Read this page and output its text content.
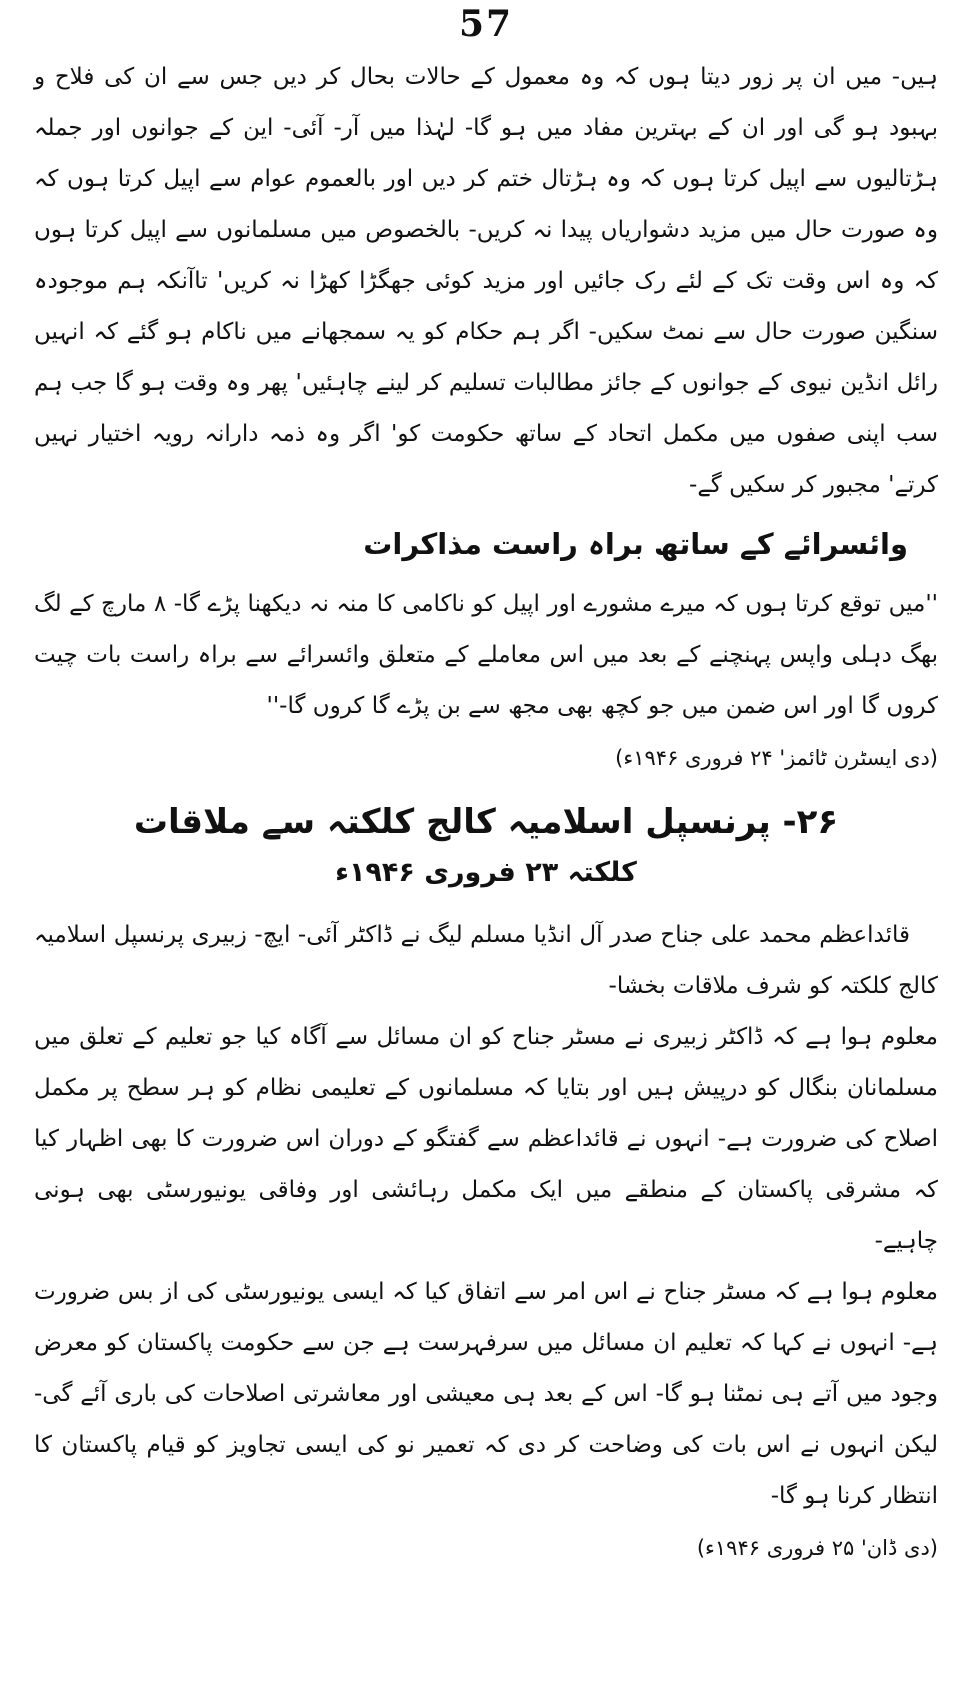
57

ہیں- میں ان پر زور دیتا ہوں کہ وہ معمول کے حالات بحال کر دیں جس سے ان کی فلاح و بہبود ہو گی اور ان کے بہترین مفاد میں ہو گا- لہٰذا میں آر- آئی- این کے جوانوں اور جملہ ہڑتالیوں سے اپیل کرتا ہوں کہ وہ ہڑتال ختم کر دیں اور بالعموم عوام سے اپیل کرتا ہوں کہ وہ صورت حال میں مزید دشواریاں پیدا نہ کریں- بالخصوص میں مسلمانوں سے اپیل کرتا ہوں کہ وہ اس وقت تک کے لئے رک جائیں اور مزید کوئی جھگڑا کھڑا نہ کریں' تاآنکہ ہم موجودہ سنگین صورت حال سے نمٹ سکیں- اگر ہم حکام کو یہ سمجھانے میں ناکام ہو گئے کہ انہیں رائل انڈین نیوی کے جوانوں کے جائز مطالبات تسلیم کر لینے چاہئیں' پھر وہ وقت ہو گا جب ہم سب اپنی صفوں میں مکمل اتحاد کے ساتھ حکومت کو' اگر وہ ذمہ دارانہ رویہ اختیار نہیں کرتے' مجبور کر سکیں گے-

وائسرائے کے ساتھ براہ راست مذاکرات

''میں توقع کرتا ہوں کہ میرے مشورے اور اپیل کو ناکامی کا منہ نہ دیکھنا پڑے گا- ۸ مارچ کے لگ بھگ دہلی واپس پہنچنے کے بعد میں اس معاملے کے متعلق وائسرائے سے براہ راست بات چیت کروں گا اور اس ضمن میں جو کچھ بھی مجھ سے بن پڑے گا کروں گا-''

(دی ایسٹرن ٹائمز' ۲۴ فروری ۱۹۴۶ء)
۲۶- پرنسپل اسلامیہ کالج کلکتہ سے ملاقات
کلکتہ ۲۳ فروری ۱۹۴۶ء

قائداعظم محمد علی جناح صدر آل انڈیا مسلم لیگ نے ڈاکٹر آئی- ایچ- زبیری پرنسپل اسلامیہ کالج کلکتہ کو شرف ملاقات بخشا-

معلوم ہوا ہے کہ ڈاکٹر زبیری نے مسٹر جناح کو ان مسائل سے آگاہ کیا جو تعلیم کے تعلق میں مسلمانان بنگال کو درپیش ہیں اور بتایا کہ مسلمانوں کے تعلیمی نظام کو ہر سطح پر مکمل اصلاح کی ضرورت ہے- انہوں نے قائداعظم سے گفتگو کے دوران اس ضرورت کا بھی اظہار کیا کہ مشرقی پاکستان کے منطقے میں ایک مکمل رہائشی اور وفاقی یونیورسٹی بھی ہونی چاہیے-

معلوم ہوا ہے کہ مسٹر جناح نے اس امر سے اتفاق کیا کہ ایسی یونیورسٹی کی از بس ضرورت ہے- انہوں نے کہا کہ تعلیم ان مسائل میں سرفہرست ہے جن سے حکومت پاکستان کو معرض وجود میں آتے ہی نمٹنا ہو گا- اس کے بعد ہی معیشی اور معاشرتی اصلاحات کی باری آئے گی- لیکن انہوں نے اس بات کی وضاحت کر دی کہ تعمیر نو کی ایسی تجاویز کو قیام پاکستان کا انتظار کرنا ہو گا-

(دی ڈان' ۲۵ فروری ۱۹۴۶ء)
